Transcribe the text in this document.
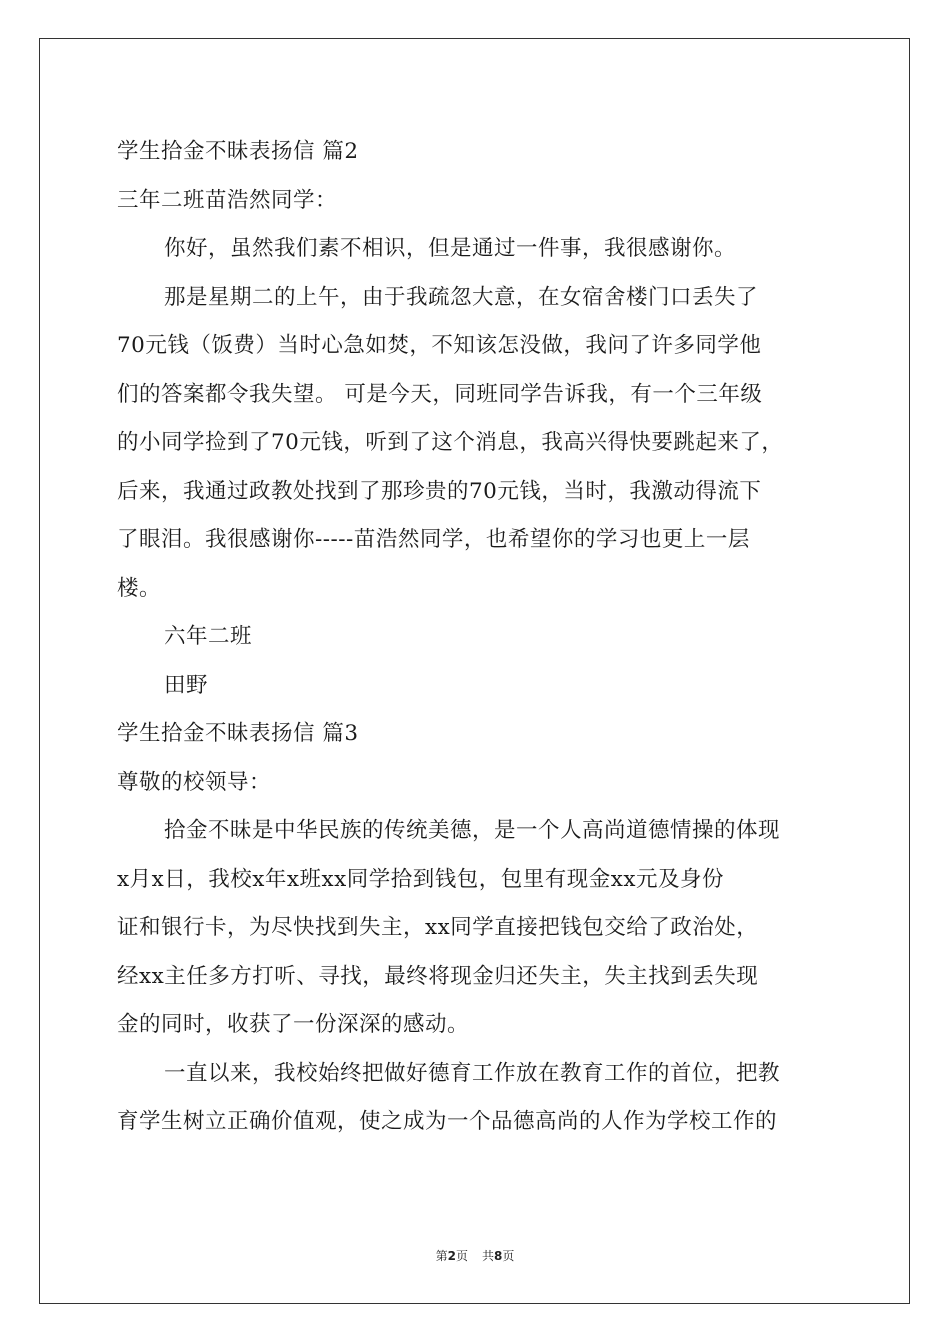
学生拾金不昧表扬信 篇2
三年二班苗浩然同学：
你好，虽然我们素不相识，但是通过一件事，我很感谢你。
那是星期二的上午，由于我疏忽大意，在女宿舍楼门口丢失了
70元钱（饭费）当时心急如焚，不知该怎没做，我问了许多同学他
们的答案都令我失望。 可是今天，同班同学告诉我，有一个三年级
的小同学捡到了70元钱，听到了这个消息，我高兴得快要跳起来了，
后来，我通过政教处找到了那珍贵的70元钱，当时，我激动得流下
了眼泪。我很感谢你-----苗浩然同学，也希望你的学习也更上一层
楼。
六年二班
田野
学生拾金不昧表扬信 篇3
尊敬的校领导：
拾金不昧是中华民族的传统美德，是一个人高尚道德情操的体现
x月x日，我校x年x班xx同学拾到钱包，包里有现金xx元及身份
证和银行卡，为尽快找到失主，xx同学直接把钱包交给了政治处，
经xx主任多方打听、寻找，最终将现金归还失主，失主找到丢失现
金的同时，收获了一份深深的感动。
一直以来，我校始终把做好德育工作放在教育工作的首位，把教
育学生树立正确价值观，使之成为一个品德高尚的人作为学校工作的
第2页 共8页
